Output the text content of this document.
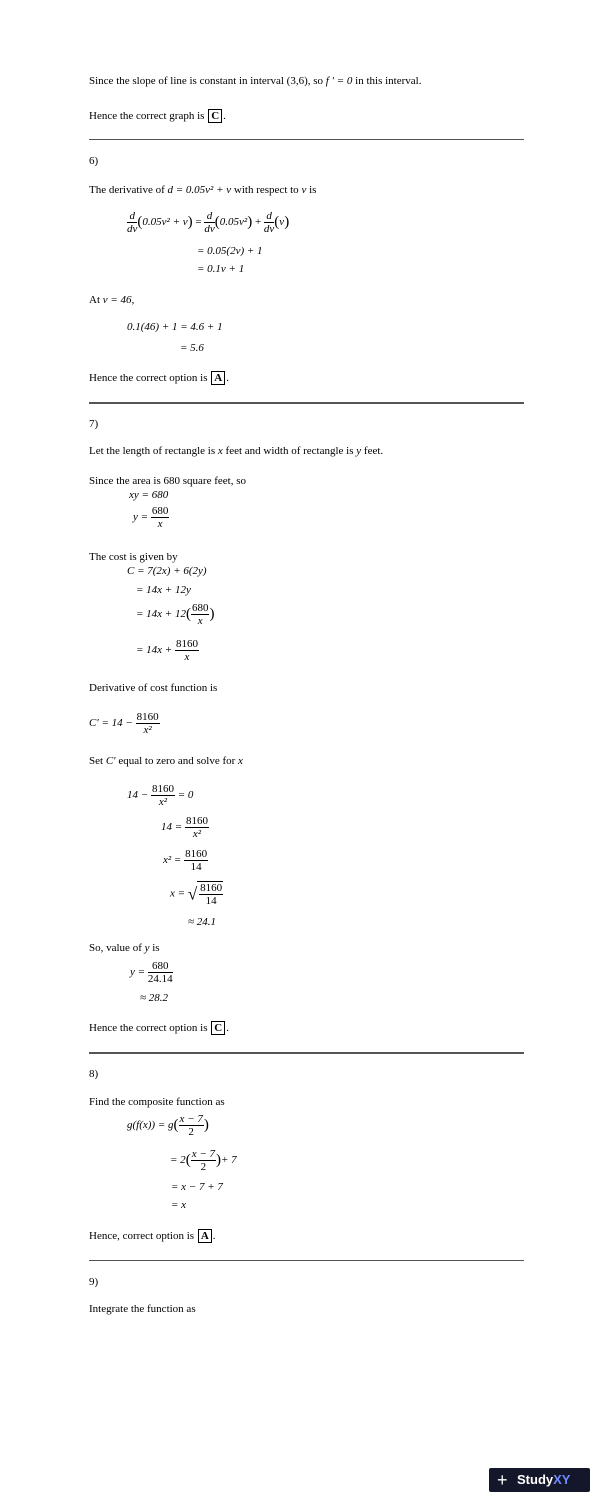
Since the slope of line is constant in interval (3,6), so f ′ = 0 in this interval.
Hence the correct graph is C .
6)
The derivative of d = 0.05v² + v with respect to v is
$\frac{d}{dv} (0.05v^2 + v) = \frac{d}{dv} (0.05v^2) + \frac{d}{dv} (v)$
= 0.05(2v) + 1
= 0.1v + 1
At v = 46,
0.1(46) + 1 = 4.6 + 1
= 5.6
Hence the correct option is A .
7)
Let the length of rectangle is x feet and width of rectangle is y feet.
Since the area is 680 square feet, so
xy = 680
$y = \frac{680}{x}$
The cost is given by
C = 7(2x) + 6(2y)
= 14x + 12y
= $14x + 12( \frac{680}{x}$ )
= $14x + \frac{8160}{x}$
Derivative of cost function is
$C' = 14 - \frac{8160}{\text{x²}}$
Set C′ equal to zero and solve for x
$14 - \frac{8160}{\text{x²}} = 0$
$14 = \frac{8160}{\text{x²}}$
$x^2 = \frac{8160}{14}$
x = √ $\frac{8160}{14}$
≈ 24.1
So, value of y is
$y = \frac{680}{24.14}$
≈ 28.2
Hence the correct option is C .
8)
Find the composite function as
$g(f(x)) = g( \frac{x - 7}{2}$ )
= $2( \frac{x - 7}{2}$ )+ 7
= x − 7 + 7
= x
Hence, correct option is A .
9)
Integrate the function as
+ StudyXY
